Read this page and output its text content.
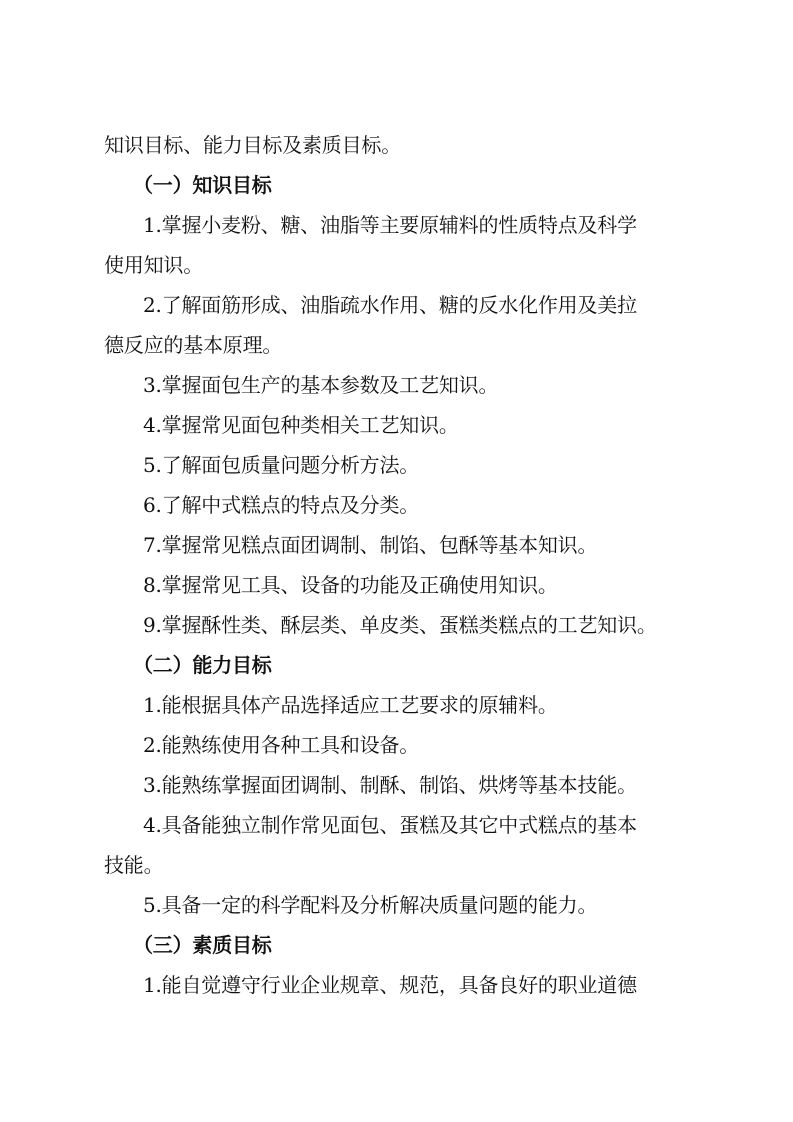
知识目标、能力目标及素质目标。
（一）知识目标
1.掌握小麦粉、糖、油脂等主要原辅料的性质特点及科学
使用知识。
2.了解面筋形成、油脂疏水作用、糖的反水化作用及美拉
德反应的基本原理。
3.掌握面包生产的基本参数及工艺知识。
4.掌握常见面包种类相关工艺知识。
5.了解面包质量问题分析方法。
6.了解中式糕点的特点及分类。
7.掌握常见糕点面团调制、制馅、包酥等基本知识。
8.掌握常见工具、设备的功能及正确使用知识。
9.掌握酥性类、酥层类、单皮类、蛋糕类糕点的工艺知识。
（二）能力目标
1.能根据具体产品选择适应工艺要求的原辅料。
2.能熟练使用各种工具和设备。
3.能熟练掌握面团调制、制酥、制馅、烘烤等基本技能。
4.具备能独立制作常见面包、蛋糕及其它中式糕点的基本
技能。
5.具备一定的科学配料及分析解决质量问题的能力。
（三）素质目标
1.能自觉遵守行业企业规章、规范，具备良好的职业道德
